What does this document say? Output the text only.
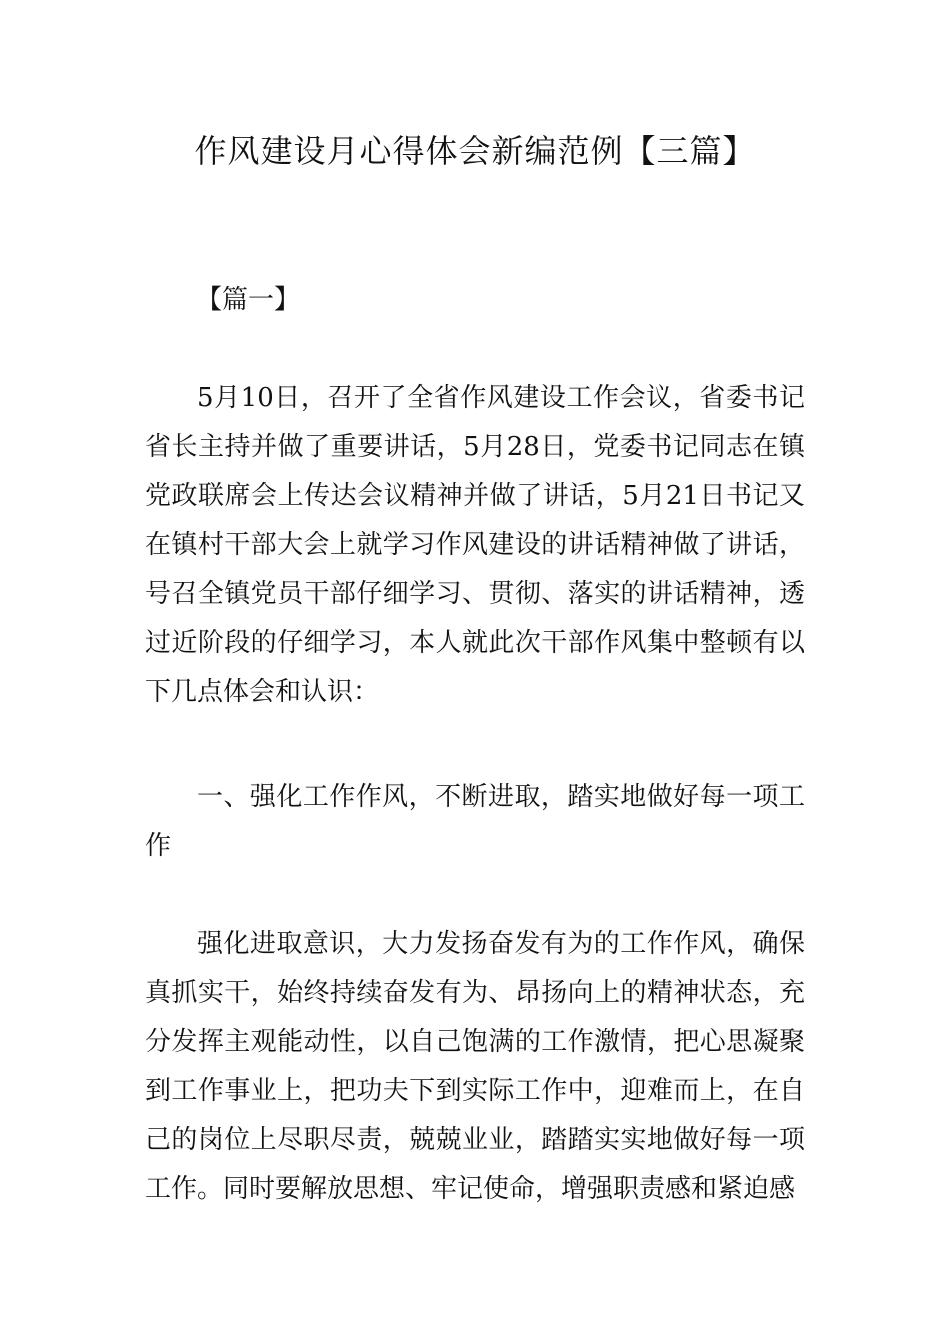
作风建设月心得体会新编范例【三篇】

【篇一】

5月10日，召开了全省作风建设工作会议，省委书记省长主持并做了重要讲话，5月28日，党委书记同志在镇党政联席会上传达会议精神并做了讲话，5月21日书记又在镇村干部大会上就学习作风建设的讲话精神做了讲话，号召全镇党员干部仔细学习、贯彻、落实的讲话精神，透过近阶段的仔细学习，本人就此次干部作风集中整顿有以下几点体会和认识：

一、强化工作作风，不断进取，踏实地做好每一项工作

强化进取意识，大力发扬奋发有为的工作作风，确保真抓实干，始终持续奋发有为、昂扬向上的精神状态，充分发挥主观能动性，以自己饱满的工作激情，把心思凝聚到工作事业上，把功夫下到实际工作中，迎难而上，在自己的岗位上尽职尽责，兢兢业业，踏踏实实地做好每一项工作。同时要解放思想、牢记使命，增强职责感和紧迫感
